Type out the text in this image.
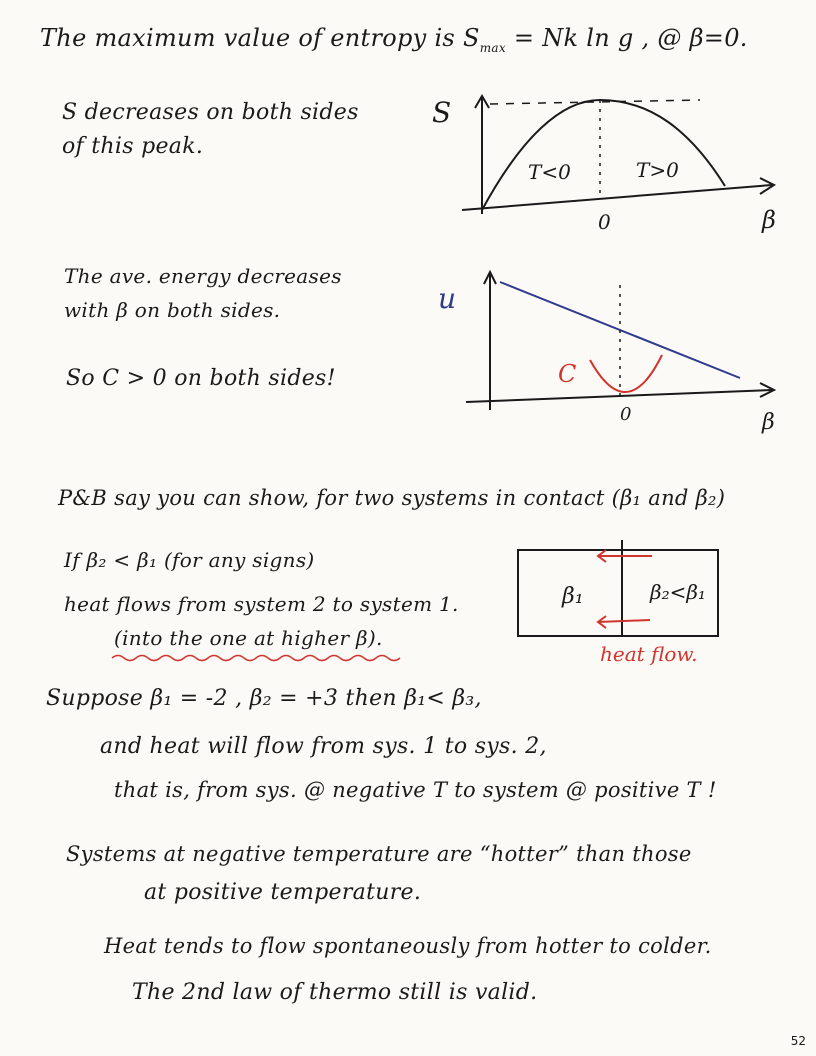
The maximum value of entropy is $S_{max} = Nk$ ln g , @ β=0.
S decreases on both sides
of this peak.
S
β
0
T<0	T>0
The ave. energy decreases
with β on both sides.
So C > 0 on both sides!
u
β
0
C
P&B say you can show, for two systems in contact (β₁ and β₂)
If β₂ < β₁ (for any signs)
heat flows from system 2 to system 1.
(into the one at higher β).
β₁	β₂<β₁
heat flow.
Suppose β₁ = -2 , β₂ = +3 then β₁< β₃,
and heat will flow from sys. 1 to sys. 2,
that is, from sys. @ negative T to system @ positive T !
Systems at negative temperature are “hotter” than those
at positive temperature.
Heat tends to flow spontaneously from hotter to colder.
The 2nd law of thermo still is valid.
52
